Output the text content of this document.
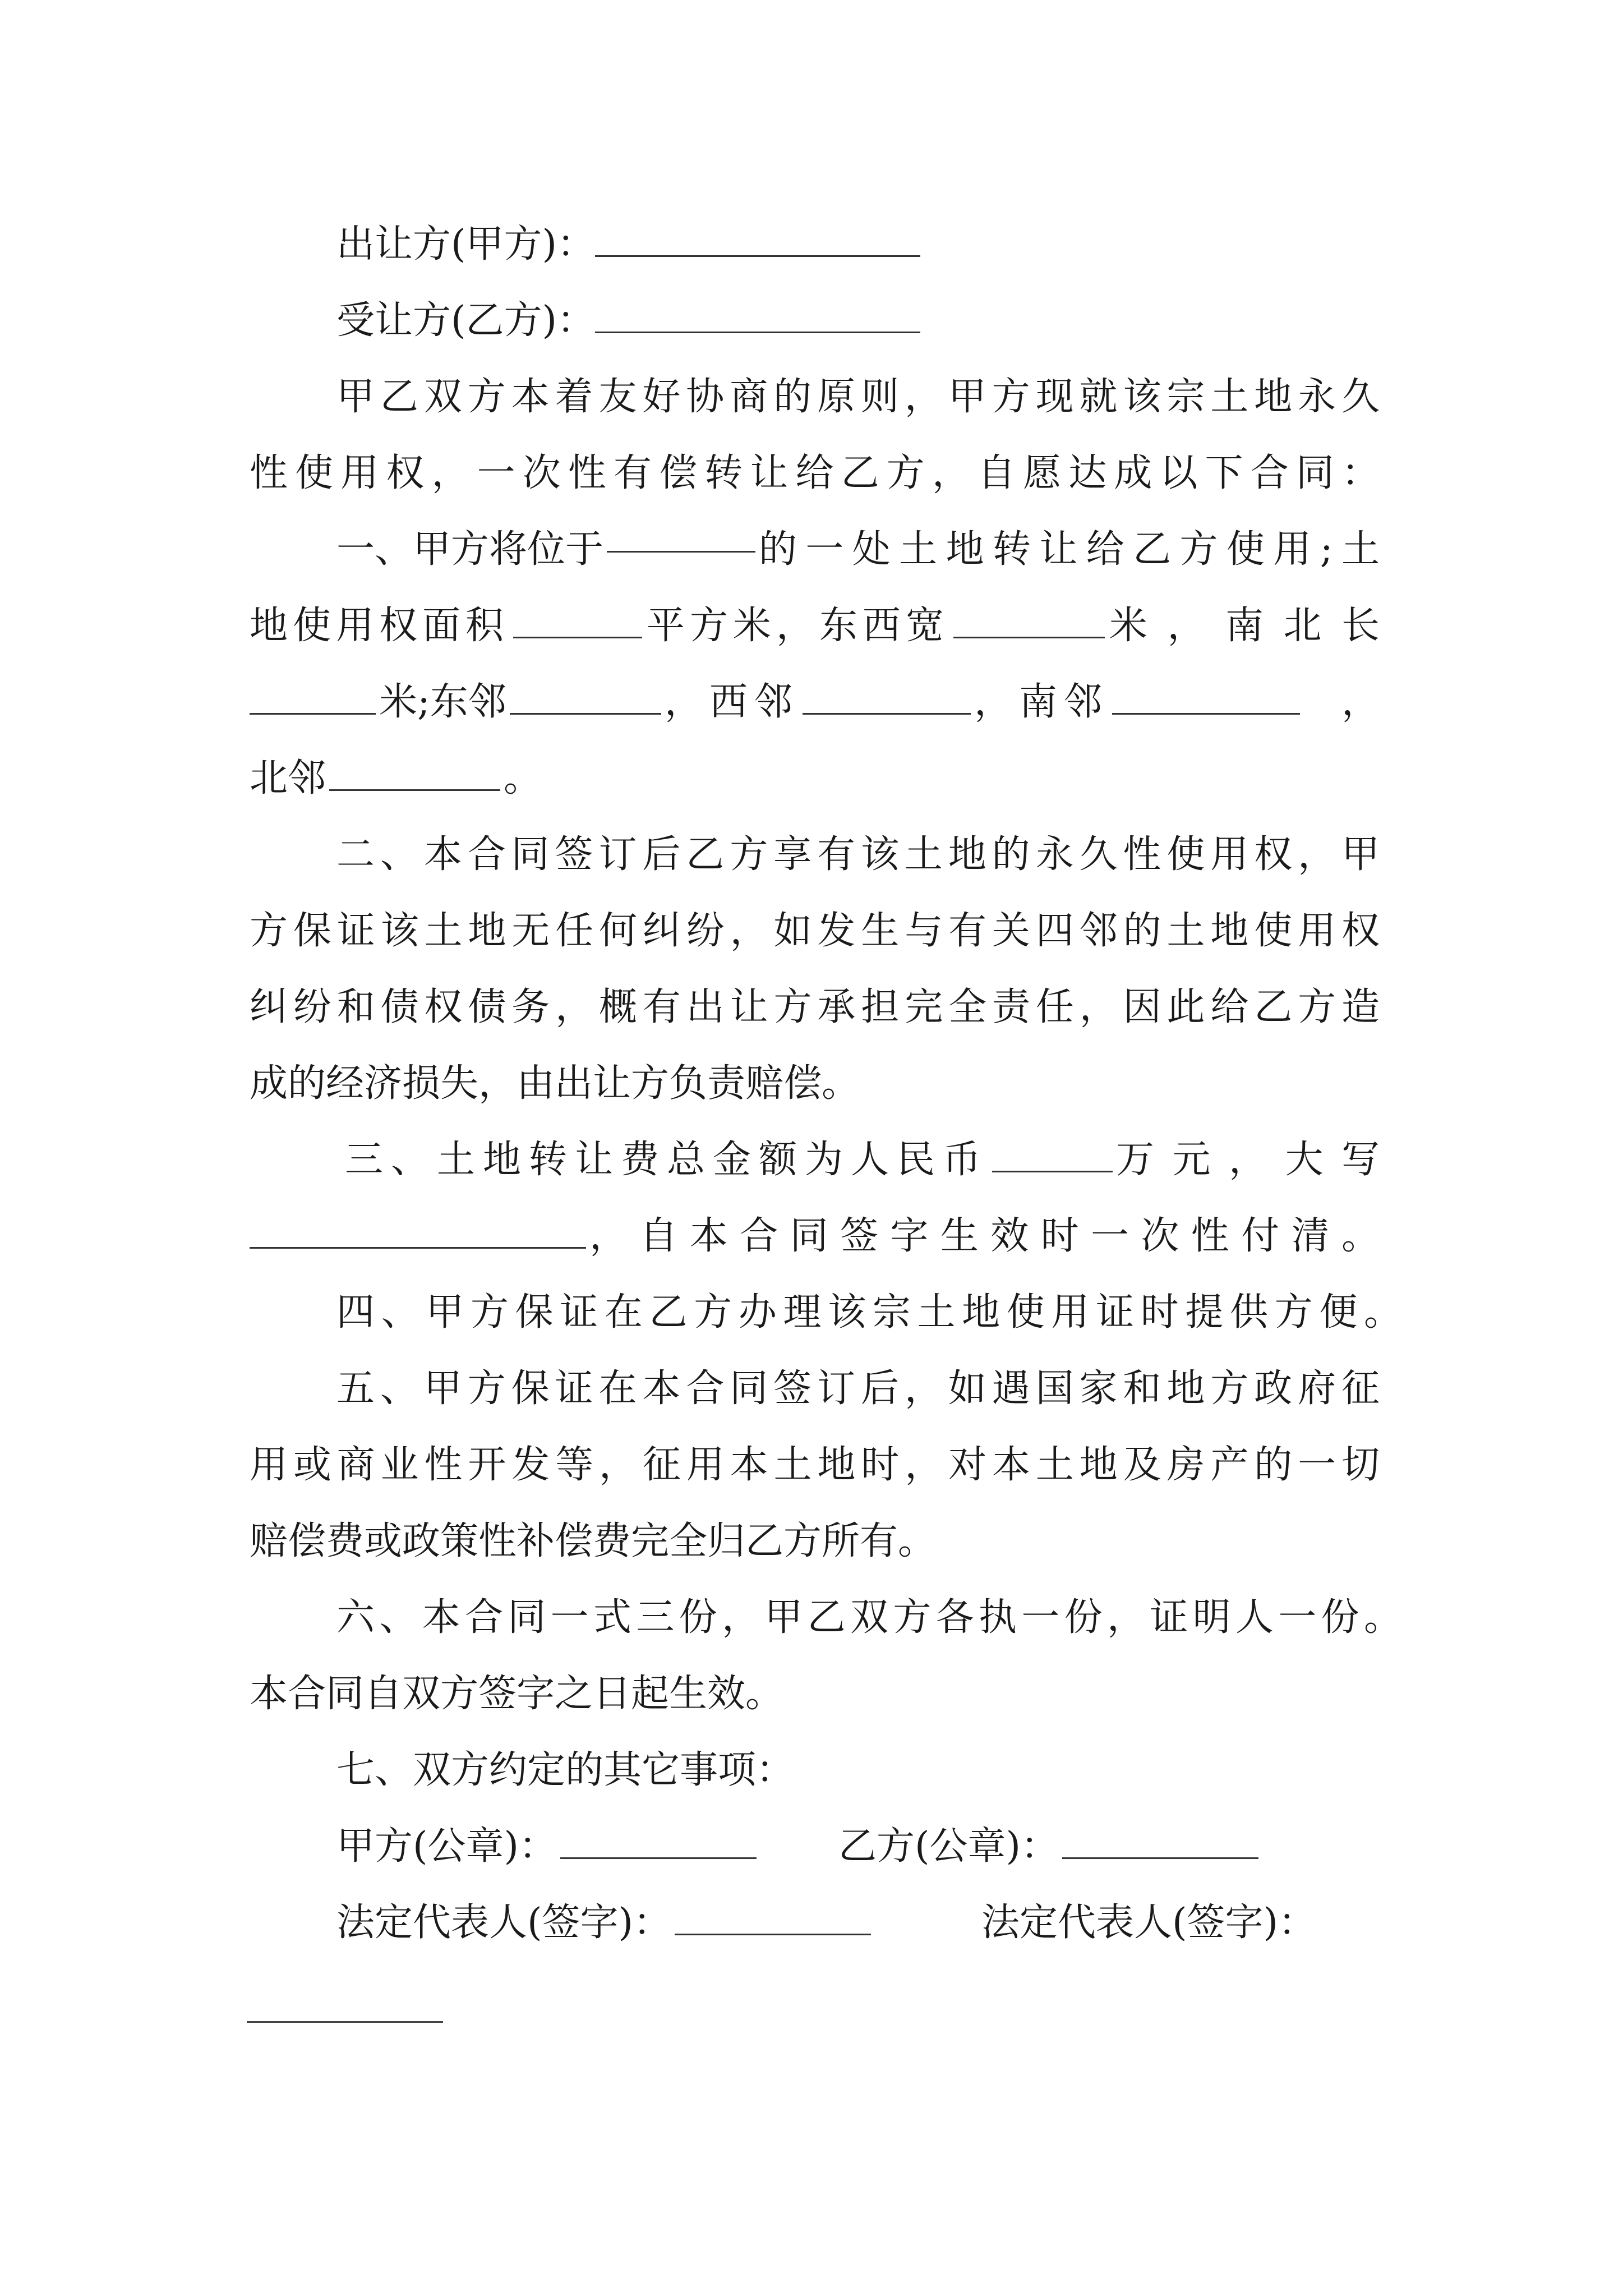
出让方(甲方)：
受让方(乙方)：
甲乙双方本着友好协商的原则，甲方现就该宗土地永久
性使用权，一次性有偿转让给乙方，自愿达成以下合同：
一、甲方将位于	的一处土地转让给乙方使用;土
地使用权面积	平方米，东西宽	米，南北长
米;东邻	，西邻	，南邻	，
北邻	。
二、本合同签订后乙方享有该土地的永久性使用权，甲
方保证该土地无任何纠纷，如发生与有关四邻的土地使用权
纠纷和债权债务，概有出让方承担完全责任，因此给乙方造
成的经济损失，由出让方负责赔偿。
三、土地转让费总金额为人民币	万元，大写
，自本合同签字生效时一次性付清。
四、甲方保证在乙方办理该宗土地使用证时提供方便。
五、甲方保证在本合同签订后，如遇国家和地方政府征
用或商业性开发等，征用本土地时，对本土地及房产的一切
赔偿费或政策性补偿费完全归乙方所有。
六、本合同一式三份，甲乙双方各执一份，证明人一份。
本合同自双方签字之日起生效。
七、双方约定的其它事项：
甲方(公章)：	乙方(公章)：
法定代表人(签字)：	法定代表人(签字)：
